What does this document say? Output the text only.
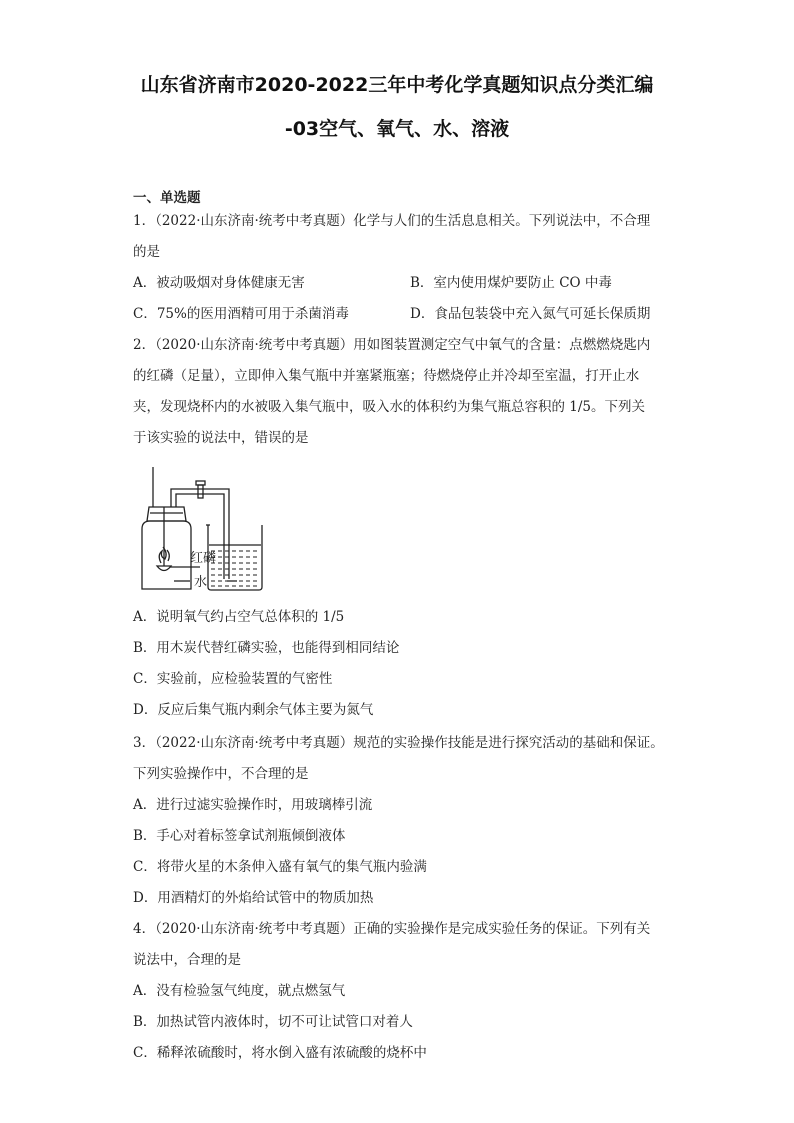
山东省济南市2020-2022三年中考化学真题知识点分类汇编
-03空气、氧气、水、溶液
一、单选题
1．（2022·山东济南·统考中考真题）化学与人们的生活息息相关。下列说法中，不合理
的是
A．被动吸烟对身体健康无害	B．室内使用煤炉要防止 CO 中毒
C．75%的医用酒精可用于杀菌消毒	D．食品包装袋中充入氮气可延长保质期
2．（2020·山东济南·统考中考真题）用如图装置测定空气中氧气的含量：点燃燃烧匙内
的红磷（足量），立即伸入集气瓶中并塞紧瓶塞；待燃烧停止并冷却至室温，打开止水
夹，发现烧杯内的水被吸入集气瓶中，吸入水的体积约为集气瓶总容积的 1/5。下列关
于该实验的说法中，错误的是
红磷
水
A．说明氧气约占空气总体积的 1/5
B．用木炭代替红磷实验，也能得到相同结论
C．实验前，应检验装置的气密性
D．反应后集气瓶内剩余气体主要为氮气
3．（2022·山东济南·统考中考真题）规范的实验操作技能是进行探究活动的基础和保证。
下列实验操作中，不合理的是
A．进行过滤实验操作时，用玻璃棒引流
B．手心对着标签拿试剂瓶倾倒液体
C．将带火星的木条伸入盛有氧气的集气瓶内验满
D．用酒精灯的外焰给试管中的物质加热
4．（2020·山东济南·统考中考真题）正确的实验操作是完成实验任务的保证。下列有关
说法中，合理的是
A．没有检验氢气纯度，就点燃氢气
B．加热试管内液体时，切不可让试管口对着人
C．稀释浓硫酸时，将水倒入盛有浓硫酸的烧杯中
